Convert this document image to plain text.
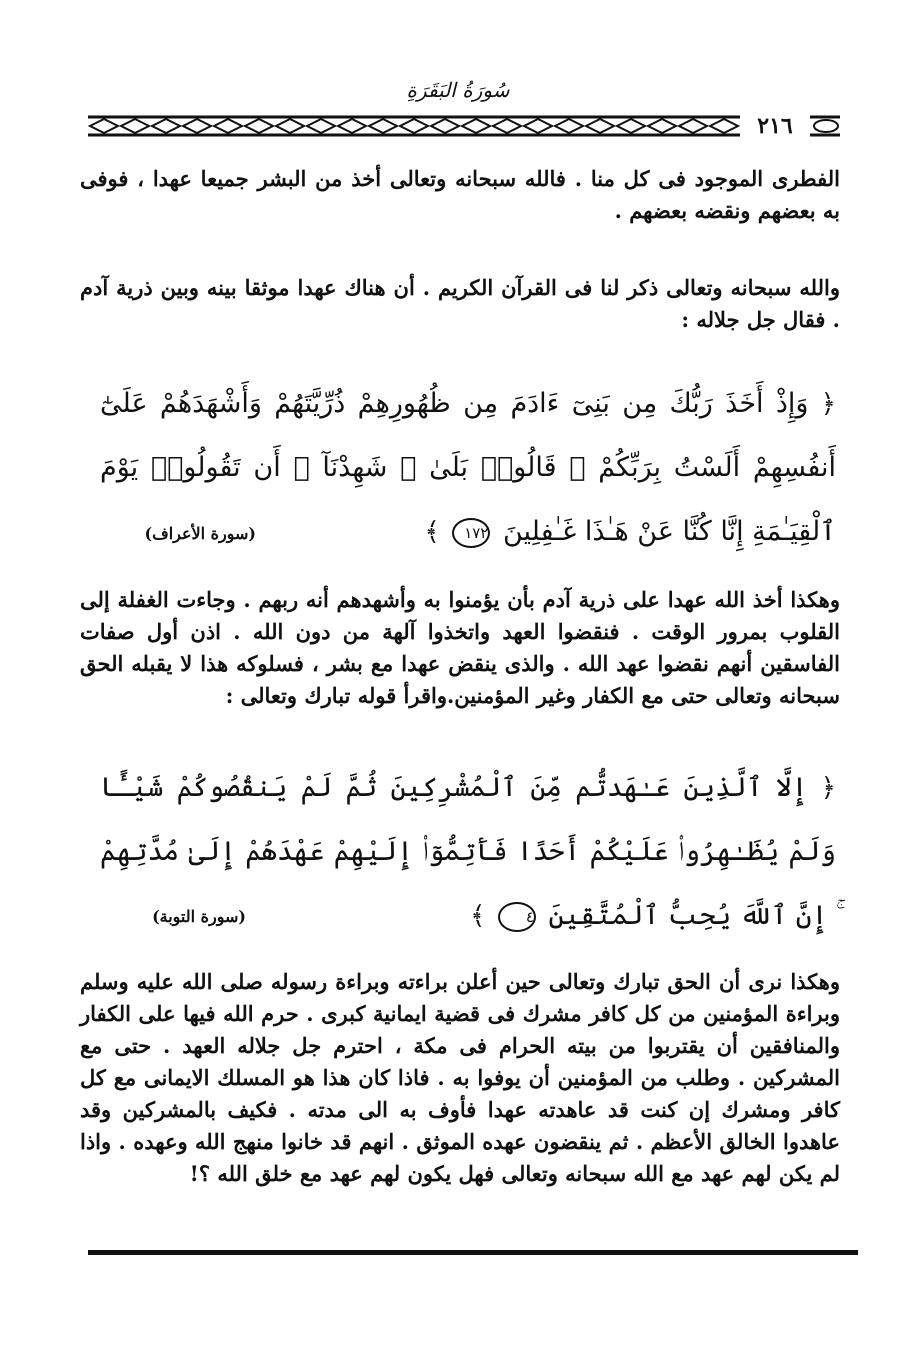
سُورَةُ البَقَرَةِ
٢١٦
الفطرى الموجود فى كل منا . فالله سبحانه وتعالى أخذ من البشر جميعا عهدا ، فوفى به بعضهم ونقضه بعضهم .
والله سبحانه وتعالى ذكر لنا فى القرآن الكريم . أن هناك عهدا موثقا بينه وبين ذرية آدم . فقال جل جلاله :
﴿ وَإِذْ أَخَذَ رَبُّكَ مِن بَنِىٓ ءَادَمَ مِن ظُهُورِهِمْ ذُرِّيَّتَهُمْ وَأَشْهَدَهُمْ عَلَىٰٓ أَنفُسِهِمْ أَلَسْتُ بِرَبِّكُمْ ۖ قَالُوا۟ بَلَىٰ ۛ شَهِدْنَآ ۛ أَن تَقُولُوا۟ يَوْمَ ٱلْقِيَـٰمَةِ إِنَّا كُنَّا عَنْ هَـٰذَا غَـٰفِلِينَ ١٧٢ ﴾
(سورة الأعراف)
وهكذا أخذ الله عهدا على ذرية آدم بأن يؤمنوا به وأشهدهم أنه ربهم . وجاءت الغفلة إلى القلوب بمرور الوقت . فنقضوا العهد واتخذوا آلهة من دون الله . اذن أول صفات الفاسقين أنهم نقضوا عهد الله . والذى ينقض عهدا مع بشر ، فسلوكه هذا لا يقبله الحق سبحانه وتعالى حتى مع الكفار وغير المؤمنين.واقرأ قوله تبارك وتعالى :
﴿ إِلَّا ٱلَّذِينَ عَـٰهَدتُّم مِّنَ ٱلْمُشْرِكِينَ ثُمَّ لَمْ يَنقُصُوكُمْ شَيْـًٔا وَلَمْ يُظَـٰهِرُوا۟ عَلَيْكُمْ أَحَدًا فَأَتِمُّوٓا۟ إِلَيْهِمْ عَهْدَهُمْ إِلَىٰ مُدَّتِهِمْ ۚ إِنَّ ٱللَّهَ يُحِبُّ ٱلْمُتَّقِينَ ٤ ﴾
(سورة التوبة)
وهكذا نرى أن الحق تبارك وتعالى حين أعلن براءته وبراءة رسوله صلى الله عليه وسلم وبراءة المؤمنين من كل كافر مشرك فى قضية ايمانية كبرى . حرم الله فيها على الكفار والمنافقين أن يقتربوا من بيته الحرام فى مكة ، احترم جل جلاله العهد . حتى مع المشركين . وطلب من المؤمنين أن يوفوا به . فاذا كان هذا هو المسلك الايمانى مع كل كافر ومشرك إن كنت قد عاهدته عهدا فأوف به الى مدته . فكيف بالمشركين وقد عاهدوا الخالق الأعظم . ثم ينقضون عهده الموثق . انهم قد خانوا منهج الله وعهده . واذا لم يكن لهم عهد مع الله سبحانه وتعالى فهل يكون لهم عهد مع خلق الله ؟!
